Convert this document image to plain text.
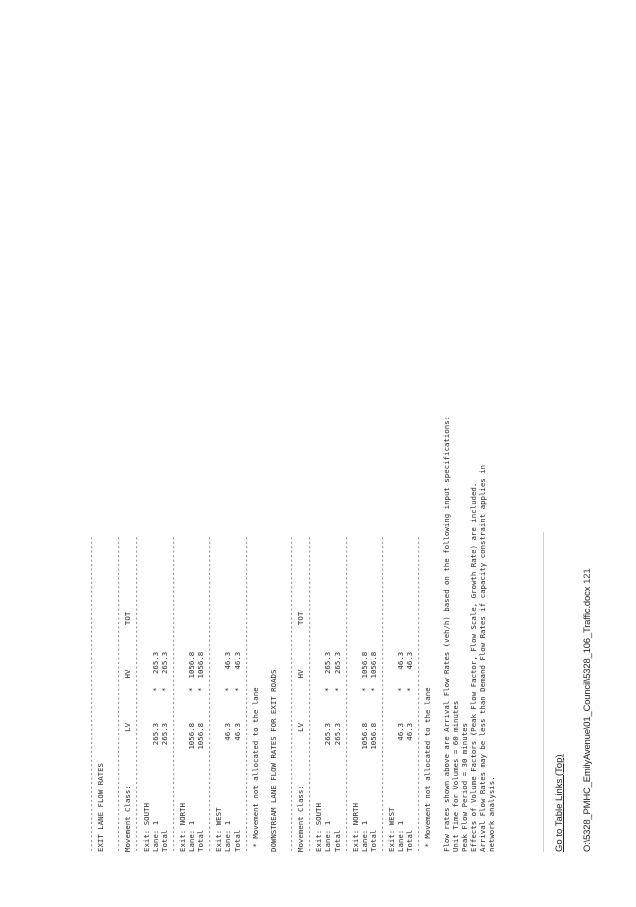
----------------------------------------------------------------------- EXIT LANE FLOW RATES ----------------------------------------------------------------------- Movement Class:            LV          HV          TOT ----------------------------------------------------------------------- Exit: SOUTH Lane: 1                 265.3       *   265.3 Total                   265.3       *   265.3 ----------------------------------------------------------------------- Exit: NORTH Lane: 1                1056.8       *  1056.8 Total                  1056.8       *  1056.8 ----------------------------------------------------------------------- Exit: WEST Lane: 1                  46.3       *    46.3 Total                    46.3       *    46.3 ----------------------------------------------------------------------- * Movement not allocated to the lane DOWNSTREAM LANE FLOW RATES FOR EXIT ROADS ----------------------------------------------------------------------- Movement Class:            LV          HV          TOT ----------------------------------------------------------------------- Exit: SOUTH Lane: 1                 265.3       *   265.3 Total                   265.3       *   265.3 ----------------------------------------------------------------------- Exit: NORTH Lane: 1                1056.8       *  1056.8 Total                  1056.8       *  1056.8 ----------------------------------------------------------------------- Exit: WEST Lane: 1                  46.3       *    46.3 Total                    46.3       *    46.3 ----------------------------------------------------------------------- * Movement not allocated to the lane Flow rates shown above are Arrival Flow Rates (veh/h) based on the following input specifications: Unit Time for Volumes = 60 minutes Peak Flow Period = 30 minutes Effects of Volume Factors (Peak Flow Factor, Flow Scale, Growth Rate) are included. Arrival Flow Rates may be less than Demand Flow Rates if capacity constraint applies in network analysis.	Go to Table Links (Top) O:\5328_PMHC_EmilyAvenue\01_Council\5328_106_Traffic.docx121
